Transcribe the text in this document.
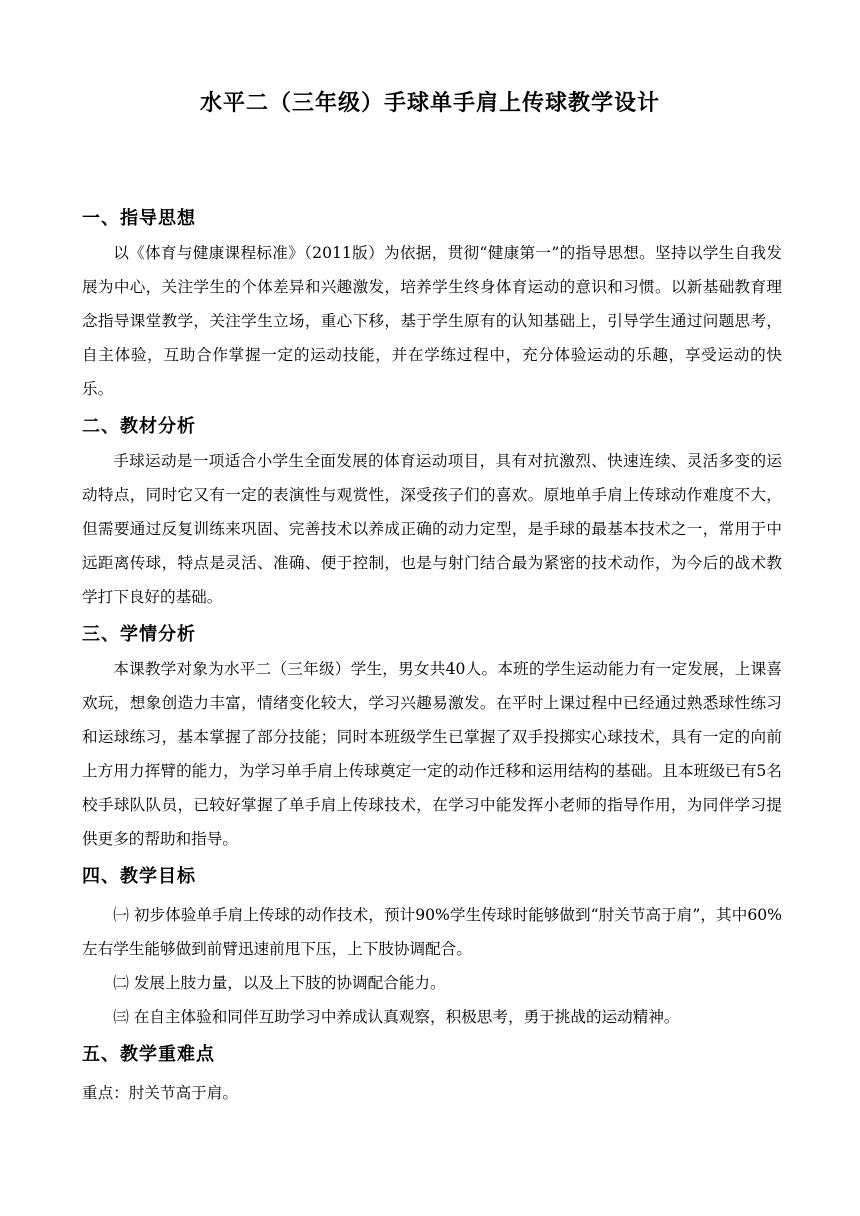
水平二（三年级）手球单手肩上传球教学设计
一、指导思想

以《体育与健康课程标准》（2011版）为依据，贯彻“健康第一”的指导思想。坚持以学生自我发展为中心，关注学生的个体差异和兴趣激发，培养学生终身体育运动的意识和习惯。以新基础教育理念指导课堂教学，关注学生立场，重心下移，基于学生原有的认知基础上，引导学生通过问题思考，自主体验，互助合作掌握一定的运动技能，并在学练过程中，充分体验运动的乐趣，享受运动的快乐。

二、教材分析

手球运动是一项适合小学生全面发展的体育运动项目，具有对抗激烈、快速连续、灵活多变的运动特点，同时它又有一定的表演性与观赏性，深受孩子们的喜欢。原地单手肩上传球动作难度不大，但需要通过反复训练来巩固、完善技术以养成正确的动力定型，是手球的最基本技术之一，常用于中远距离传球，特点是灵活、准确、便于控制，也是与射门结合最为紧密的技术动作，为今后的战术教学打下良好的基础。

三、学情分析

本课教学对象为水平二（三年级）学生，男女共40人。本班的学生运动能力有一定发展，上课喜欢玩，想象创造力丰富，情绪变化较大，学习兴趣易激发。在平时上课过程中已经通过熟悉球性练习和运球练习，基本掌握了部分技能；同时本班级学生已掌握了双手投掷实心球技术，具有一定的向前上方用力挥臂的能力，为学习单手肩上传球奠定一定的动作迁移和运用结构的基础。且本班级已有5名校手球队队员，已较好掌握了单手肩上传球技术，在学习中能发挥小老师的指导作用，为同伴学习提供更多的帮助和指导。

四、教学目标

㈠ 初步体验单手肩上传球的动作技术，预计90%学生传球时能够做到“肘关节高于肩”，其中60%左右学生能够做到前臂迅速前甩下压，上下肢协调配合。

㈡ 发展上肢力量，以及上下肢的协调配合能力。

㈢ 在自主体验和同伴互助学习中养成认真观察，积极思考，勇于挑战的运动精神。

五、教学重难点

重点：肘关节高于肩。
